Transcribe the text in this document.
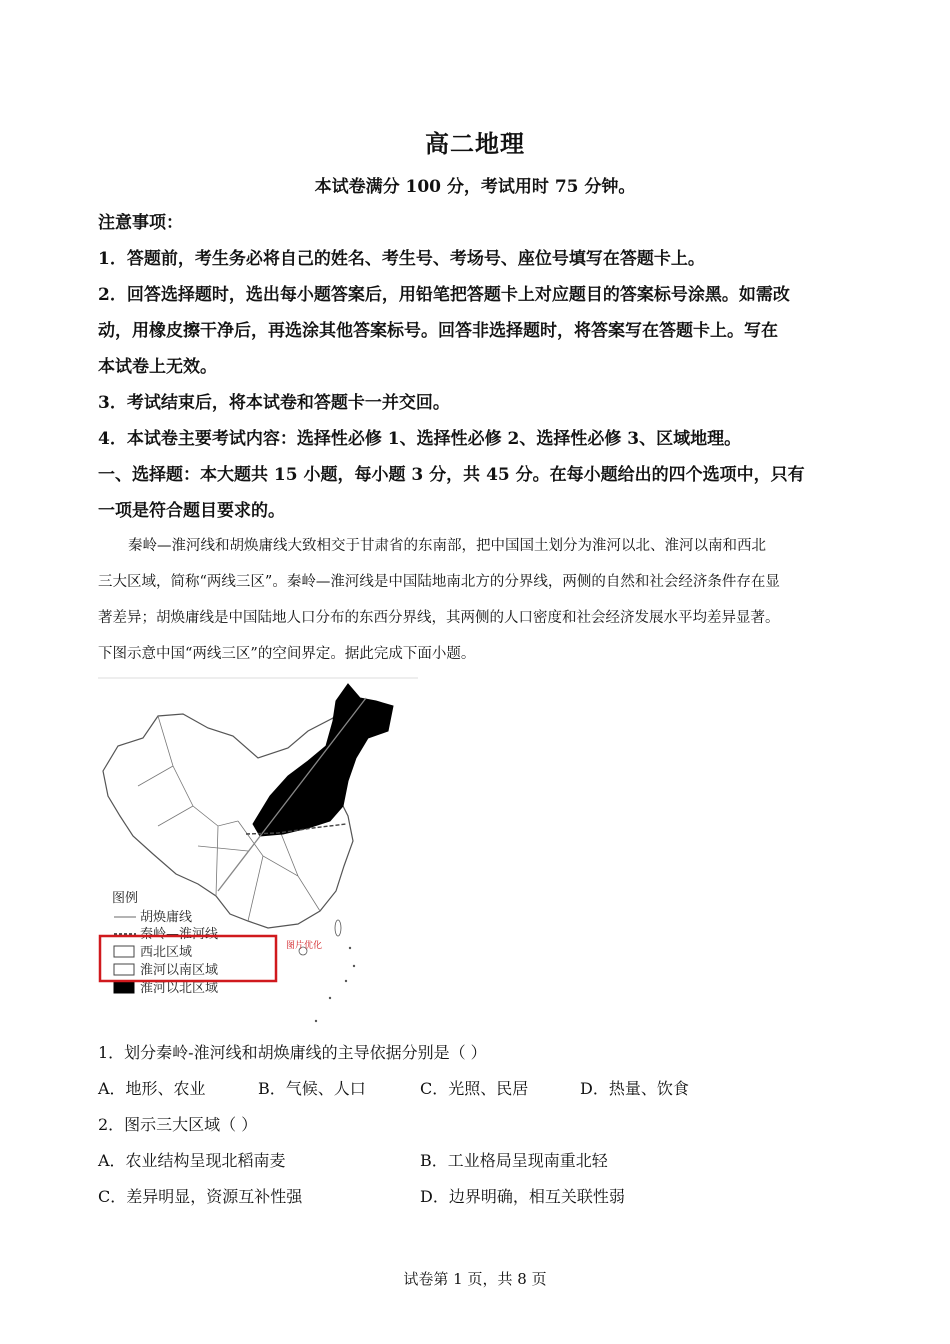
高二地理
本试卷满分 100 分，考试用时 75 分钟。
注意事项：
1．答题前，考生务必将自己的姓名、考生号、考场号、座位号填写在答题卡上。
2．回答选择题时，选出每小题答案后，用铅笔把答题卡上对应题目的答案标号涂黑。如需改
动，用橡皮擦干净后，再选涂其他答案标号。回答非选择题时，将答案写在答题卡上。写在
本试卷上无效。
3．考试结束后，将本试卷和答题卡一并交回。
4．本试卷主要考试内容：选择性必修 1、选择性必修 2、选择性必修 3、区域地理。
一、选择题：本大题共 15 小题，每小题 3 分，共 45 分。在每小题给出的四个选项中，只有
一项是符合题目要求的。
秦岭—淮河线和胡焕庸线大致相交于甘肃省的东南部，把中国国土划分为淮河以北、淮河以南和西北
三大区域，简称“两线三区”。秦岭—淮河线是中国陆地南北方的分界线，两侧的自然和社会经济条件存在显
著差异；胡焕庸线是中国陆地人口分布的东西分界线，其两侧的人口密度和社会经济发展水平均差异显著。
下图示意中国“两线三区”的空间界定。据此完成下面小题。
图例
胡焕庸线
秦岭—淮河线
西北区域
淮河以南区域
淮河以北区域
图片优化
1．划分秦岭-淮河线和胡焕庸线的主导依据分别是（ ）
A．地形、农业	B．气候、人口	C．光照、民居	D．热量、饮食
2．图示三大区域（ ）
A．农业结构呈现北稻南麦	B．工业格局呈现南重北轻
C．差异明显，资源互补性强	D．边界明确，相互关联性弱
试卷第 1 页，共 8 页
